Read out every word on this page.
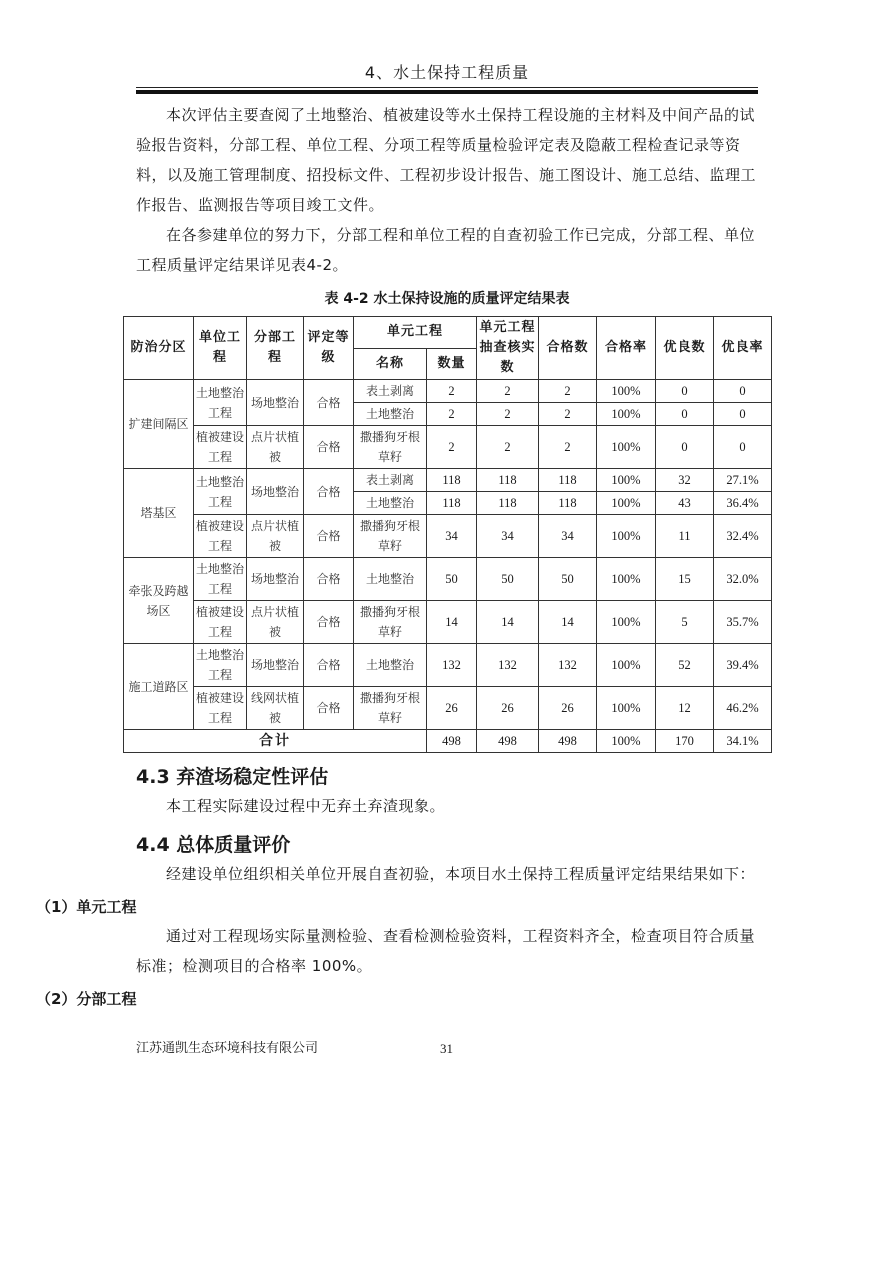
4、水土保持工程质量

本次评估主要查阅了土地整治、植被建设等水土保持工程设施的主材料及中间产品的试验报告资料，分部工程、单位工程、分项工程等质量检验评定表及隐蔽工程检查记录等资料，以及施工管理制度、招投标文件、工程初步设计报告、施工图设计、施工总结、监理工作报告、监测报告等项目竣工文件。

在各参建单位的努力下，分部工程和单位工程的自查初验工作已完成，分部工程、单位工程质量评定结果详见表4-2。

表 4-2 水土保持设施的质量评定结果表
防治分区	单位工程	分部工程	评定等级	单元工程		单元工程抽查核实数	合格数	合格率	优良数	优良率
				名称	数量					
扩建间隔区	土地整治工程	场地整治	合格	表土剥离	2	2	2	100%	0	0
				土地整治	2	2	2	100%	0	0
	植被建设工程	点片状植被	合格	撒播狗牙根草籽	2	2	2	100%	0	0
塔基区	土地整治工程	场地整治	合格	表土剥离	118	118	118	100%	32	27.1%
				土地整治	118	118	118	100%	43	36.4%
	植被建设工程	点片状植被	合格	撒播狗牙根草籽	34	34	34	100%	11	32.4%
牵张及跨越场区	土地整治工程	场地整治	合格	土地整治	50	50	50	100%	15	32.0%
	植被建设工程	点片状植被	合格	撒播狗牙根草籽	14	14	14	100%	5	35.7%
施工道路区	土地整治工程	场地整治	合格	土地整治	132	132	132	100%	52	39.4%
	植被建设工程	线网状植被	合格	撒播狗牙根草籽	26	26	26	100%	12	46.2%
合计					498	498	498	100%	170	34.1%
4.3 弃渣场稳定性评估

本工程实际建设过程中无弃土弃渣现象。

4.4 总体质量评价

经建设单位组织相关单位开展自查初验，本项目水土保持工程质量评定结果结果如下：

（1）单元工程

通过对工程现场实际量测检验、查看检测检验资料，工程资料齐全，检查项目符合质量标准；检测项目的合格率 100%。

（2）分部工程
江苏通凯生态环境科技有限公司	31
